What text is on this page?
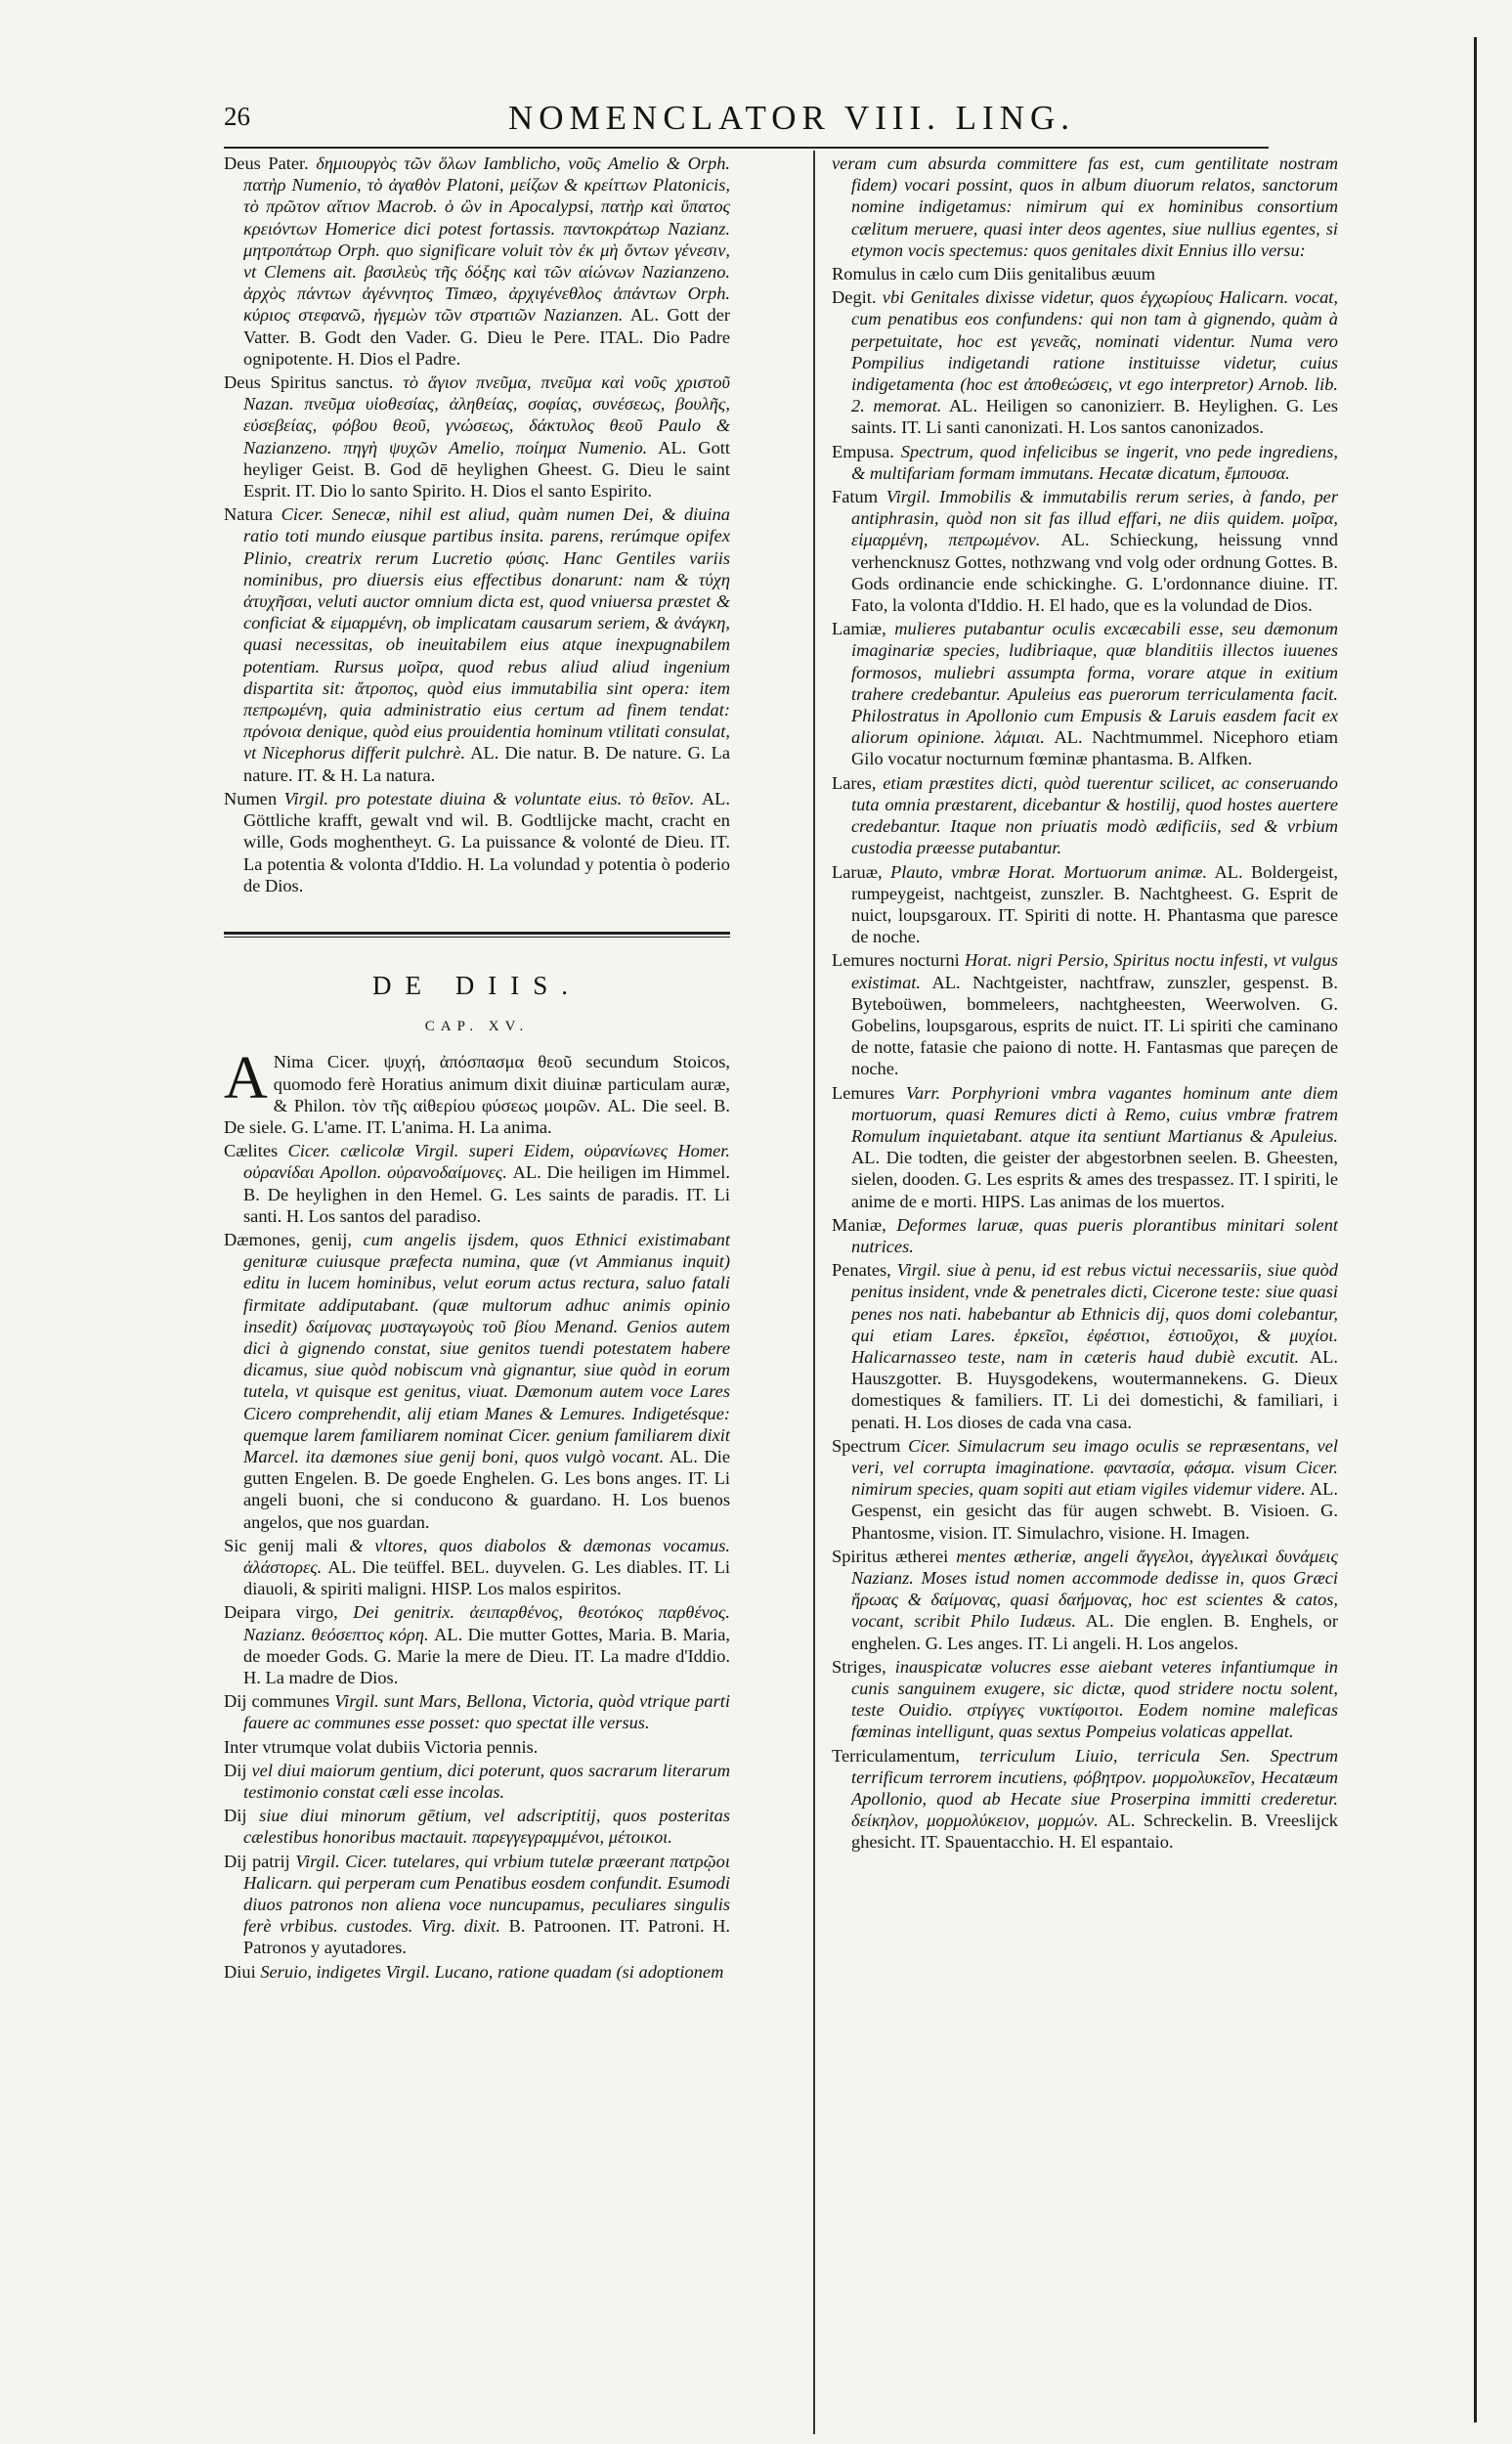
26	NOMENCLATOR VIII. LING.

Deus Pater. δημιουργὸς τῶν ὅλων Iamblicho, νοῦς Amelio & Orph. πατὴρ Numenio, τὸ ἀγαθὸν Platoni, μείζων & κρείττων Platonicis, τὸ πρῶτον αἴτιον Macrob. ὁ ὢν in Apocalypsi, πατὴρ καὶ ὕπατος κρειόντων Homerice dici potest fortassis. παντοκράτωρ Nazianz. μητροπάτωρ Orph. quo significare voluit τὸν ἐκ μὴ ὄντων γένεσιν, vt Clemens ait. βασιλεὺς τῆς δόξης καὶ τῶν αἰώνων Nazianzeno. ἀρχὸς πάντων ἀγέννητος Timæo, ἀρχιγένεθλος ἁπάντων Orph. κύριος στεφανῶ, ἡγεμὼν τῶν στρατιῶν Nazianzen. AL. Gott der Vatter. B. Godt den Vader. G. Dieu le Pere. ITAL. Dio Padre ognipotente. H. Dios el Padre.

Deus Spiritus sanctus. τὸ ἅγιον πνεῦμα, πνεῦμα καὶ νοῦς χριστοῦ Nazan. πνεῦμα υἱοθεσίας, ἀληθείας, σοφίας, συνέσεως, βουλῆς, εὐσεβείας, φόβου θεοῦ, γνώσεως, δάκτυλος θεοῦ Paulo & Nazianzeno. πηγὴ ψυχῶν Amelio, ποίημα Numenio. AL. Gott heyliger Geist. B. God dē heylighen Gheest. G. Dieu le saint Esprit. IT. Dio lo santo Spirito. H. Dios el santo Espirito.

Natura Cicer. Senecæ, nihil est aliud, quàm numen Dei, & diuina ratio toti mundo eiusque partibus insita. parens, rerúmque opifex Plinio, creatrix rerum Lucretio φύσις. Hanc Gentiles variis nominibus, pro diuersis eius effectibus donarunt: nam & τύχη ἀτυχῆσαι, veluti auctor omnium dicta est, quod vniuersa præstet & conficiat & εἱμαρμένη, ob implicatam causarum seriem, & ἀνάγκη, quasi necessitas, ob ineuitabilem eius atque inexpugnabilem potentiam. Rursus μοῖρα, quod rebus aliud aliud ingenium dispartita sit: ἄτροπος, quòd eius immutabilia sint opera: item πεπρωμένη, quia administratio eius certum ad finem tendat: πρόνοια denique, quòd eius prouidentia hominum vtilitati consulat, vt Nicephorus differit pulchrè. AL. Die natur. B. De nature. G. La nature. IT. & H. La natura.

Numen Virgil. pro potestate diuina & voluntate eius. τὸ θεῖον. AL. Göttliche krafft, gewalt vnd wil. B. Godtlijcke macht, cracht en wille, Gods moghentheyt. G. La puissance & volonté de Dieu. IT. La potentia & volonta d'Iddio. H. La volundad y potentia ò poderio de Dios.

DE DIIS.
CAP. XV.

A Nima Cicer. ψυχή, ἀπόσπασμα θεοῦ secundum Stoicos, quomodo ferè Horatius animum dixit diuinæ particulam auræ, & Philon. τὸν τῆς αἰθερίου φύσεως μοιρῶν. AL. Die seel. B. De siele. G. L'ame. IT. L'anima. H. La anima.

Cælites Cicer. cælicolæ Virgil. superi Eidem, οὐρανίωνες Homer. οὐρανίδαι Apollon. οὐρανοδαίμονες. AL. Die heiligen im Himmel. B. De heylighen in den Hemel. G. Les saints de paradis. IT. Li santi. H. Los santos del paradiso.

Dæmones, genij, cum angelis ijsdem, quos Ethnici existimabant genituræ cuiusque præfecta numina, quæ (vt Ammianus inquit) editu in lucem hominibus, velut eorum actus rectura, saluo fatali firmitate addiputabant. (quæ multorum adhuc animis opinio insedit) δαίμονας μυσταγωγοὺς τοῦ βίου Menand. Genios autem dici à gignendo constat, siue genitos tuendi potestatem habere dicamus, siue quòd nobiscum vnà gignantur, siue quòd in eorum tutela, vt quisque est genitus, viuat. Dæmonum autem voce Lares Cicero comprehendit, alij etiam Manes & Lemures. Indigetésque: quemque larem familiarem nominat Cicer. genium familiarem dixit Marcel. ita dæmones siue genij boni, quos vulgò vocant. AL. Die gutten Engelen. B. De goede Enghelen. G. Les bons anges. IT. Li angeli buoni, che si conducono & guardano. H. Los buenos angelos, que nos guardan.

Sic genij mali & vltores, quos diabolos & dæmonas vocamus. ἀλάστορες. AL. Die teüffel. BEL. duyvelen. G. Les diables. IT. Li diauoli, & spiriti maligni. HISP. Los malos espiritos.

Deipara virgo, Dei genitrix. ἀειπαρθένος, θεοτόκος παρθένος. Nazianz. θεόσεπτος κόρη. AL. Die mutter Gottes, Maria. B. Maria, de moeder Gods. G. Marie la mere de Dieu. IT. La madre d'Iddio. H. La madre de Dios.

Dij communes Virgil. sunt Mars, Bellona, Victoria, quòd vtrique parti fauere ac communes esse posset: quo spectat ille versus.

Inter vtrumque volat dubiis Victoria pennis.

Dij vel diui maiorum gentium, dici poterunt, quos sacrarum literarum testimonio constat cæli esse incolas.

Dij siue diui minorum gētium, vel adscriptitij, quos posteritas cælestibus honoribus mactauit. παρεγγεγραμμένοι, μέτοικοι.

Dij patrij Virgil. Cicer. tutelares, qui vrbium tutelæ præerant πατρῷοι Halicarn. qui perperam cum Penatibus eosdem confundit. Esumodi diuos patronos non aliena voce nuncupamus, peculiares singulis ferè vrbibus. custodes. Virg. dixit. B. Patroonen. IT. Patroni. H. Patronos y ayutadores.

Diui Seruio, indigetes Virgil. Lucano, ratione quadam (si adoptionem

veram cum absurda committere fas est, cum gentilitate nostram fidem) vocari possint, quos in album diuorum relatos, sanctorum nomine indigetamus: nimirum qui ex hominibus consortium cælitum meruere, quasi inter deos agentes, siue nullius egentes, si etymon vocis spectemus: quos genitales dixit Ennius illo versu:

Romulus in cælo cum Diis genitalibus æuum

Degit. vbi Genitales dixisse videtur, quos ἐγχωρίους Halicarn. vocat, cum penatibus eos confundens: qui non tam à gignendo, quàm à perpetuitate, hoc est γενεᾶς, nominati videntur. Numa vero Pompilius indigetandi ratione instituisse videtur, cuius indigetamenta (hoc est ἀποθεώσεις, vt ego interpretor) Arnob. lib. 2. memorat. AL. Heiligen so canonizierr. B. Heylighen. G. Les saints. IT. Li santi canonizati. H. Los santos canonizados.

Empusa. Spectrum, quod infelicibus se ingerit, vno pede ingrediens, & multifariam formam immutans. Hecatæ dicatum, ἔμπουσα.

Fatum Virgil. Immobilis & immutabilis rerum series, à fando, per antiphrasin, quòd non sit fas illud effari, ne diis quidem. μοῖρα, εἱμαρμένη, πεπρωμένον. AL. Schieckung, heissung vnnd verhencknusz Gottes, nothzwang vnd volg oder ordnung Gottes. B. Gods ordinancie ende schickinghe. G. L'ordonnance diuine. IT. Fato, la volonta d'Iddio. H. El hado, que es la volundad de Dios.

Lamiæ, mulieres putabantur oculis excæcabili esse, seu dæmonum imaginariæ species, ludibriaque, quæ blanditiis illectos iuuenes formosos, muliebri assumpta forma, vorare atque in exitium trahere credebantur. Apuleius eas puerorum terriculamenta facit. Philostratus in Apollonio cum Empusis & Laruis easdem facit ex aliorum opinione. λάμιαι. AL. Nachtmummel. Nicephoro etiam Gilo vocatur nocturnum fœminæ phantasma. B. Alfken.

Lares, etiam præstites dicti, quòd tuerentur scilicet, ac conseruando tuta omnia præstarent, dicebantur & hostilij, quod hostes auertere credebantur. Itaque non priuatis modò ædificiis, sed & vrbium custodia præesse putabantur.

Laruæ, Plauto, vmbræ Horat. Mortuorum animæ. AL. Boldergeist, rumpeygeist, nachtgeist, zunszler. B. Nachtgheest. G. Esprit de nuict, loupsgaroux. IT. Spiriti di notte. H. Phantasma que paresce de noche.

Lemures nocturni Horat. nigri Persio, Spiritus noctu infesti, vt vulgus existimat. AL. Nachtgeister, nachtfraw, zunszler, gespenst. B. Byteboüwen, bommeleers, nachtgheesten, Weerwolven. G. Gobelins, loupsgarous, esprits de nuict. IT. Li spiriti che caminano de notte, fatasie che paiono di notte. H. Fantasmas que pareçen de noche.

Lemures Varr. Porphyrioni vmbra vagantes hominum ante diem mortuorum, quasi Remures dicti à Remo, cuius vmbræ fratrem Romulum inquietabant. atque ita sentiunt Martianus & Apuleius. AL. Die todten, die geister der abgestorbnen seelen. B. Gheesten, sielen, dooden. G. Les esprits & ames des trespassez. IT. I spiriti, le anime de e morti. HIPS. Las animas de los muertos.

Maniæ, Deformes laruæ, quas pueris plorantibus minitari solent nutrices.

Penates, Virgil. siue à penu, id est rebus victui necessariis, siue quòd penitus insident, vnde & penetrales dicti, Cicerone teste: siue quasi penes nos nati. habebantur ab Ethnicis dij, quos domi colebantur, qui etiam Lares. ἑρκεῖοι, ἐφέστιοι, ἑστιοῦχοι, & μυχίοι. Halicarnasseo teste, nam in cæteris haud dubiè excutit. AL. Hauszgotter. B. Huysgodekens, woutermannekens. G. Dieux domestiques & familiers. IT. Li dei domestichi, & familiari, i penati. H. Los dioses de cada vna casa.

Spectrum Cicer. Simulacrum seu imago oculis se repræsentans, vel veri, vel corrupta imaginatione. φαντασία, φάσμα. visum Cicer. nimirum species, quam sopiti aut etiam vigiles videmur videre. AL. Gespenst, ein gesicht das für augen schwebt. B. Visioen. G. Phantosme, vision. IT. Simulachro, visione. H. Imagen.

Spiritus ætherei mentes ætheriæ, angeli ἄγγελοι, ἀγγελικαὶ δυνάμεις Nazianz. Moses istud nomen accommode dedisse in, quos Græci ἥρωας & δαίμονας, quasi δαήμονας, hoc est scientes & catos, vocant, scribit Philo Iudæus. AL. Die englen. B. Enghels, or enghelen. G. Les anges. IT. Li angeli. H. Los angelos.

Striges, inauspicatæ volucres esse aiebant veteres infantiumque in cunis sanguinem exugere, sic dictæ, quod stridere noctu solent, teste Ouidio. στρίγγες νυκτίφοιτοι. Eodem nomine maleficas fœminas intelligunt, quas sextus Pompeius volaticas appellat.

Terriculamentum, terriculum Liuio, terricula Sen. Spectrum terrificum terrorem incutiens, φόβητρον. μορμολυκεῖον, Hecatæum Apollonio, quod ab Hecate siue Proserpina immitti crederetur. δείκηλον, μορμολύκειον, μορμών. AL. Schreckelin. B. Vreeslijck ghesicht. IT. Spauentacchio. H. El espantaio.
